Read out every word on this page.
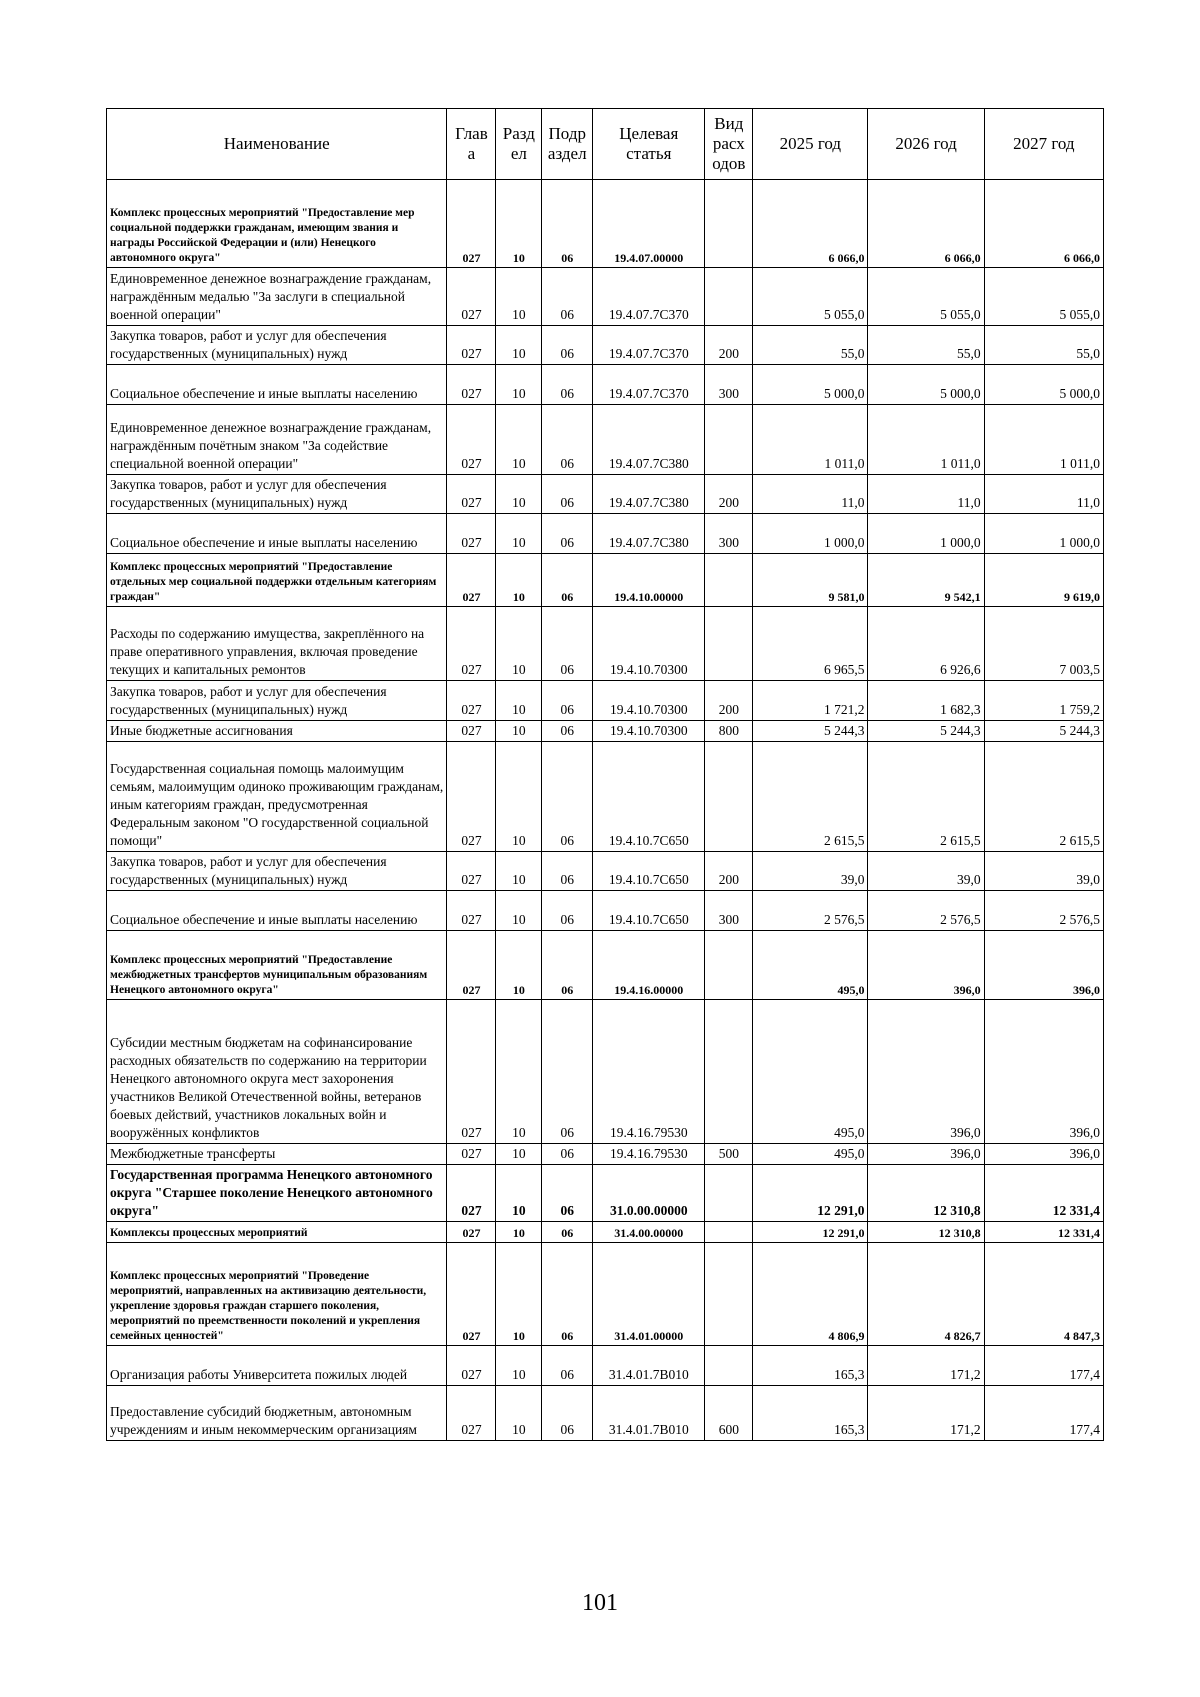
Наименование	Глав а	Разд ел	Подр аздел	Целевая статья	Вид расх одов	2025 год	2026 год	2027 год
Комплекс процессных мероприятий "Предоставление мер социальной поддержки гражданам, имеющим звания и награды Российской Федерации и (или) Ненецкого автономного округа"	027	10	06	19.4.07.00000		6 066,0	6 066,0	6 066,0
Единовременное денежное вознаграждение гражданам, награждённым медалью "За заслуги в специальной военной операции"	027	10	06	19.4.07.7С370		5 055,0	5 055,0	5 055,0
Закупка товаров, работ и услуг для обеспечения государственных (муниципальных) нужд	027	10	06	19.4.07.7С370	200	55,0	55,0	55,0
Социальное обеспечение и иные выплаты населению	027	10	06	19.4.07.7С370	300	5 000,0	5 000,0	5 000,0
Единовременное денежное вознаграждение гражданам, награждённым почётным знаком "За содействие специальной военной операции"	027	10	06	19.4.07.7С380		1 011,0	1 011,0	1 011,0
Закупка товаров, работ и услуг для обеспечения государственных (муниципальных) нужд	027	10	06	19.4.07.7С380	200	11,0	11,0	11,0
Социальное обеспечение и иные выплаты населению	027	10	06	19.4.07.7С380	300	1 000,0	1 000,0	1 000,0
Комплекс процессных мероприятий "Предоставление отдельных мер социальной поддержки отдельным категориям граждан"	027	10	06	19.4.10.00000		9 581,0	9 542,1	9 619,0
Расходы по содержанию имущества, закреплённого на праве оперативного управления, включая проведение текущих и капитальных ремонтов	027	10	06	19.4.10.70300		6 965,5	6 926,6	7 003,5
Закупка товаров, работ и услуг для обеспечения государственных (муниципальных) нужд	027	10	06	19.4.10.70300	200	1 721,2	1 682,3	1 759,2
Иные бюджетные ассигнования	027	10	06	19.4.10.70300	800	5 244,3	5 244,3	5 244,3
Государственная социальная помощь малоимущим семьям, малоимущим одиноко проживающим гражданам, иным категориям граждан, предусмотренная Федеральным законом "О государственной социальной помощи"	027	10	06	19.4.10.7С650		2 615,5	2 615,5	2 615,5
Закупка товаров, работ и услуг для обеспечения государственных (муниципальных) нужд	027	10	06	19.4.10.7С650	200	39,0	39,0	39,0
Социальное обеспечение и иные выплаты населению	027	10	06	19.4.10.7С650	300	2 576,5	2 576,5	2 576,5
Комплекс процессных мероприятий "Предоставление межбюджетных трансфертов муниципальным образованиям Ненецкого автономного округа"	027	10	06	19.4.16.00000		495,0	396,0	396,0
Субсидии местным бюджетам на софинансирование расходных обязательств по содержанию на территории Ненецкого автономного округа мест захоронения участников Великой Отечественной войны, ветеранов боевых действий, участников локальных войн и вооружённых конфликтов	027	10	06	19.4.16.79530		495,0	396,0	396,0
Межбюджетные трансферты	027	10	06	19.4.16.79530	500	495,0	396,0	396,0
Государственная программа Ненецкого автономного округа "Старшее поколение Ненецкого автономного округа"	027	10	06	31.0.00.00000		12 291,0	12 310,8	12 331,4
Комплексы процессных мероприятий	027	10	06	31.4.00.00000		12 291,0	12 310,8	12 331,4
Комплекс процессных мероприятий "Проведение мероприятий, направленных на активизацию деятельности, укрепление здоровья граждан старшего поколения, мероприятий по преемственности поколений и укрепления семейных ценностей"	027	10	06	31.4.01.00000		4 806,9	4 826,7	4 847,3
Организация работы Университета пожилых людей	027	10	06	31.4.01.7В010		165,3	171,2	177,4
Предоставление субсидий бюджетным, автономным учреждениям и иным некоммерческим организациям	027	10	06	31.4.01.7В010	600	165,3	171,2	177,4
101
